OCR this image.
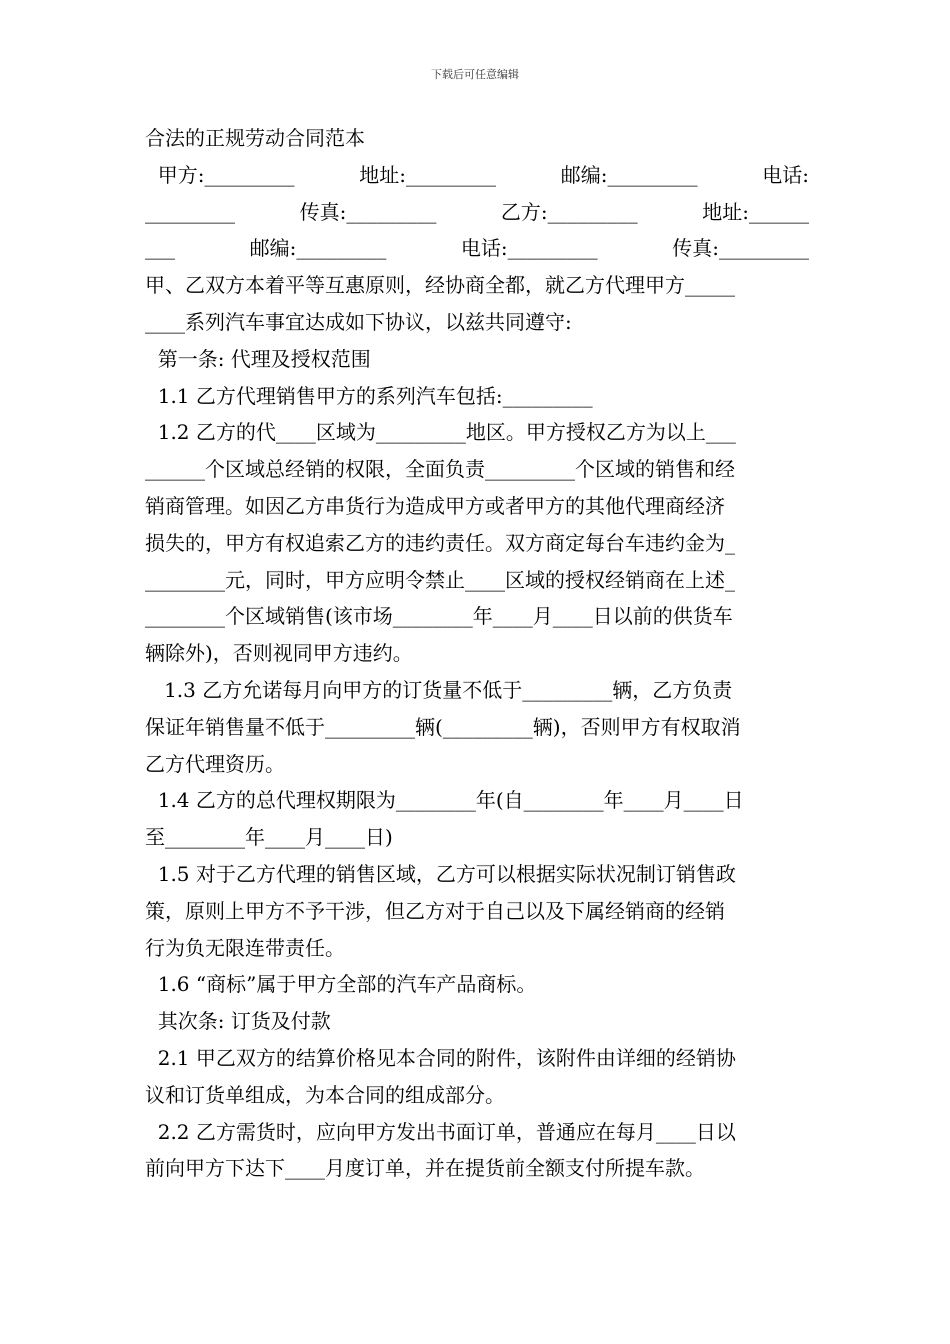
下载后可任意编辑
合法的正规劳动合同范本
甲方:_________	地址:_________	邮编:_________	电话:
_________	传真:_________	乙方:_________	地址:______
___	邮编:_________	电话:_________	传真:_________
甲、乙双方本着平等互惠原则，经协商全都，就乙方代理甲方_____
____系列汽车事宜达成如下协议，以兹共同遵守:
第一条: 代理及授权范围
1.1 乙方代理销售甲方的系列汽车包括:_________
1.2 乙方的代____区域为_________地区。甲方授权乙方为以上___
______个区域总经销的权限，全面负责_________个区域的销售和经
销商管理。如因乙方串货行为造成甲方或者甲方的其他代理商经济
损失的，甲方有权追索乙方的违约责任。双方商定每台车违约金为_
________元，同时，甲方应明令禁止____区域的授权经销商在上述_
________个区域销售(该市场________年____月____日以前的供货车
辆除外)，否则视同甲方违约。
1.3 乙方允诺每月向甲方的订货量不低于_________辆，乙方负责
保证年销售量不低于_________辆(_________辆)，否则甲方有权取消
乙方代理资历。
1.4 乙方的总代理权期限为________年(自________年____月____日
至________年____月____日)
1.5 对于乙方代理的销售区域，乙方可以根据实际状况制订销售政
策，原则上甲方不予干涉，但乙方对于自己以及下属经销商的经销
行为负无限连带责任。
1.6 “商标”属于甲方全部的汽车产品商标。
其次条: 订货及付款
2.1 甲乙双方的结算价格见本合同的附件，该附件由详细的经销协
议和订货单组成，为本合同的组成部分。
2.2 乙方需货时，应向甲方发出书面订单，普通应在每月____日以
前向甲方下达下____月度订单，并在提货前全额支付所提车款。
